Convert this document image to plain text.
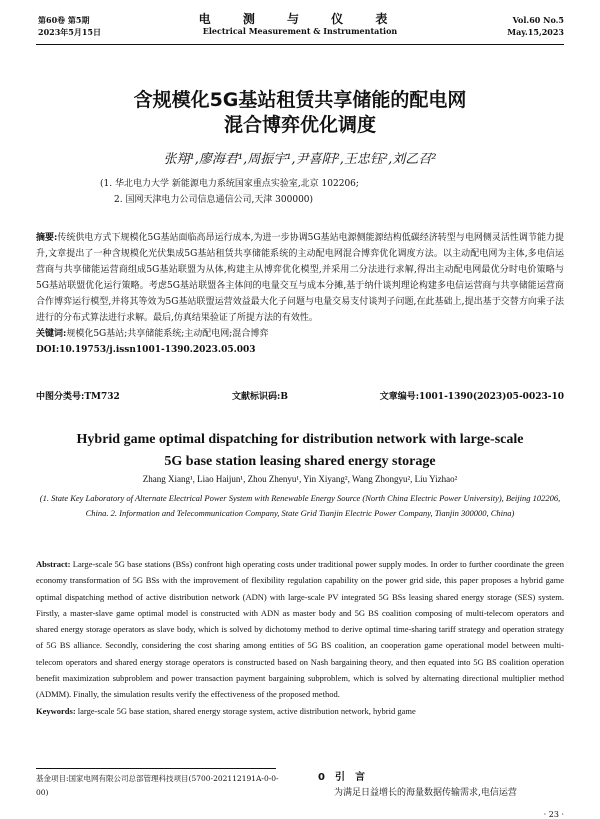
第60卷 第5期
2023年5月15日
电 测 与 仪 表
Electrical Measurement & Instrumentation
Vol.60 No.5
May.15,2023
含规模化5G基站租赁共享储能的配电网
混合博弈优化调度
张翔¹,廖海君¹,周振宇¹,尹喜阳²,王忠钰²,刘乙召²
(1. 华北电力大学 新能源电力系统国家重点实验室,北京 102206;
2. 国网天津电力公司信息通信公司,天津 300000)
摘要:传统供电方式下规模化5G基站面临高昂运行成本,为进一步协调5G基站电源侧能源结构低碳经济转型与电网侧灵活性调节能力提升,文章提出了一种含规模化光伏集成5G基站租赁共享储能系统的主动配电网混合博弈优化调度方法。以主动配电网为主体,多电信运营商与共享储能运营商组成5G基站联盟为从体,构建主从博弈优化模型,并采用二分法进行求解,得出主动配电网最优分时电价策略与5G基站联盟优化运行策略。考虑5G基站联盟各主体间的电量交互与成本分摊,基于纳什谈判理论构建多电信运营商与共享储能运营商合作博弈运行模型,并将其等效为5G基站联盟运营效益最大化子问题与电量交易支付谈判子问题,在此基础上,提出基于交替方向乘子法进行的分布式算法进行求解。最后,仿真结果验证了所提方法的有效性。
关键词:规模化5G基站;共享储能系统;主动配电网;混合博弈
DOI:10.19753/j.issn1001-1390.2023.05.003
中图分类号:TM732	文献标识码:B	文章编号:1001-1390(2023)05-0023-10
Hybrid game optimal dispatching for distribution network with large-scale
5G base station leasing shared energy storage
Zhang Xiang¹, Liao Haijun¹, Zhou Zhenyu¹, Yin Xiyang², Wang Zhongyu², Liu Yizhao²
(1. State Key Laboratory of Alternate Electrical Power System with Renewable Energy Source (North China Electric Power University), Beijing 102206, China. 2. Information and Telecommunication Company, State Grid Tianjin Electric Power Company, Tianjin 300000, China)
Abstract: Large-scale 5G base stations (BSs) confront high operating costs under traditional power supply modes. In order to further coordinate the green economy transformation of 5G BSs with the improvement of flexibility regulation capability on the power grid side, this paper proposes a hybrid game optimal dispatching method of active distribution network (ADN) with large-scale PV integrated 5G BSs leasing shared energy storage (SES) system. Firstly, a master-slave game optimal model is constructed with ADN as master body and 5G BS coalition composing of multi-telecom operators and shared energy storage operators as slave body, which is solved by dichotomy method to derive optimal time-sharing tariff strategy and operation strategy of 5G BS alliance. Secondly, considering the cost sharing among entities of 5G BS coalition, an cooperation game operational model between multi-telecom operators and shared energy storage operators is constructed based on Nash bargaining theory, and then equated into 5G BS coalition operation benefit maximization subproblem and power transaction payment bargaining subproblem, which is solved by alternating directional multiplier method (ADMM). Finally, the simulation results verify the effectiveness of the proposed method.
Keywords: large-scale 5G base station, shared energy storage system, active distribution network, hybrid game
基金项目:国家电网有限公司总部管理科技项目(5700-202112191A-0-0-00)
0　引　言
为满足日益增长的海量数据传输需求,电信运营
· 23 ·
